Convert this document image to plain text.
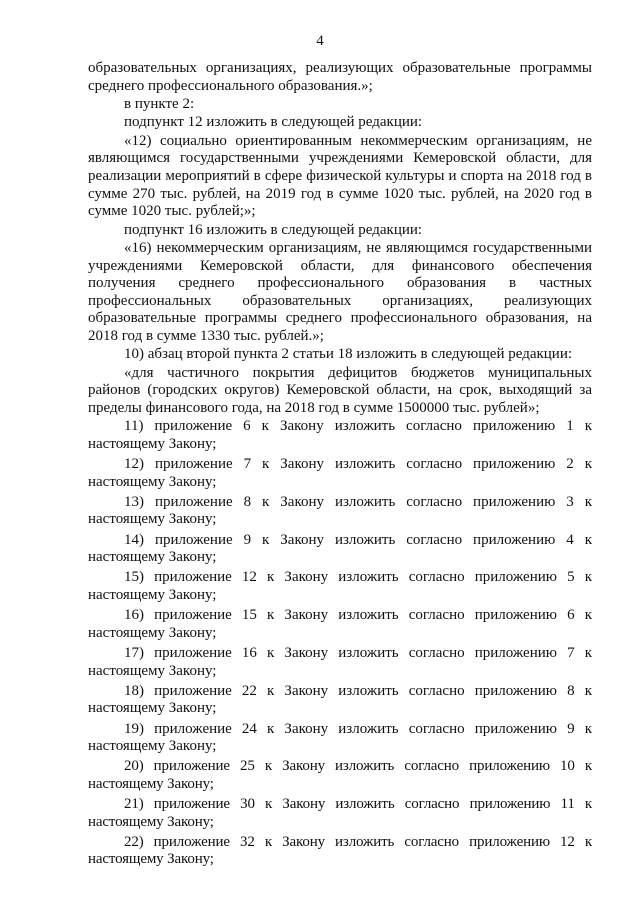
4

образовательных организациях, реализующих образовательные программы среднего профессионального образования.»;

в пункте 2:

подпункт 12 изложить в следующей редакции:

«12) социально ориентированным некоммерческим организациям, не являющимся государственными учреждениями Кемеровской области, для реализации мероприятий в сфере физической культуры и спорта на 2018 год в сумме 270 тыс. рублей, на 2019 год в сумме 1020 тыс. рублей, на 2020 год в сумме 1020 тыс. рублей;»;

подпункт 16 изложить в следующей редакции:

«16) некоммерческим организациям, не являющимся государственными учреждениями Кемеровской области, для финансового обеспечения получения среднего профессионального образования в частных профессиональных образовательных организациях, реализующих образовательные программы среднего профессионального образования, на 2018 год в сумме 1330 тыс. рублей.»;

10) абзац второй пункта 2 статьи 18 изложить в следующей редакции:

«для частичного покрытия дефицитов бюджетов муниципальных районов (городских округов) Кемеровской области, на срок, выходящий за пределы финансового года, на 2018 год в сумме 1500000 тыс. рублей»;

11) приложение 6 к Закону изложить согласно приложению 1 к настоящему Закону;

12) приложение 7 к Закону изложить согласно приложению 2 к настоящему Закону;

13) приложение 8 к Закону изложить согласно приложению 3 к настоящему Закону;

14) приложение 9 к Закону изложить согласно приложению 4 к настоящему Закону;

15) приложение 12 к Закону изложить согласно приложению 5 к настоящему Закону;

16) приложение 15 к Закону изложить согласно приложению 6 к настоящему Закону;

17) приложение 16 к Закону изложить согласно приложению 7 к настоящему Закону;

18) приложение 22 к Закону изложить согласно приложению 8 к настоящему Закону;

19) приложение 24 к Закону изложить согласно приложению 9 к настоящему Закону;

20) приложение 25 к Закону изложить согласно приложению 10 к настоящему Закону;

21) приложение 30 к Закону изложить согласно приложению 11 к настоящему Закону;

22) приложение 32 к Закону изложить согласно приложению 12 к настоящему Закону;
